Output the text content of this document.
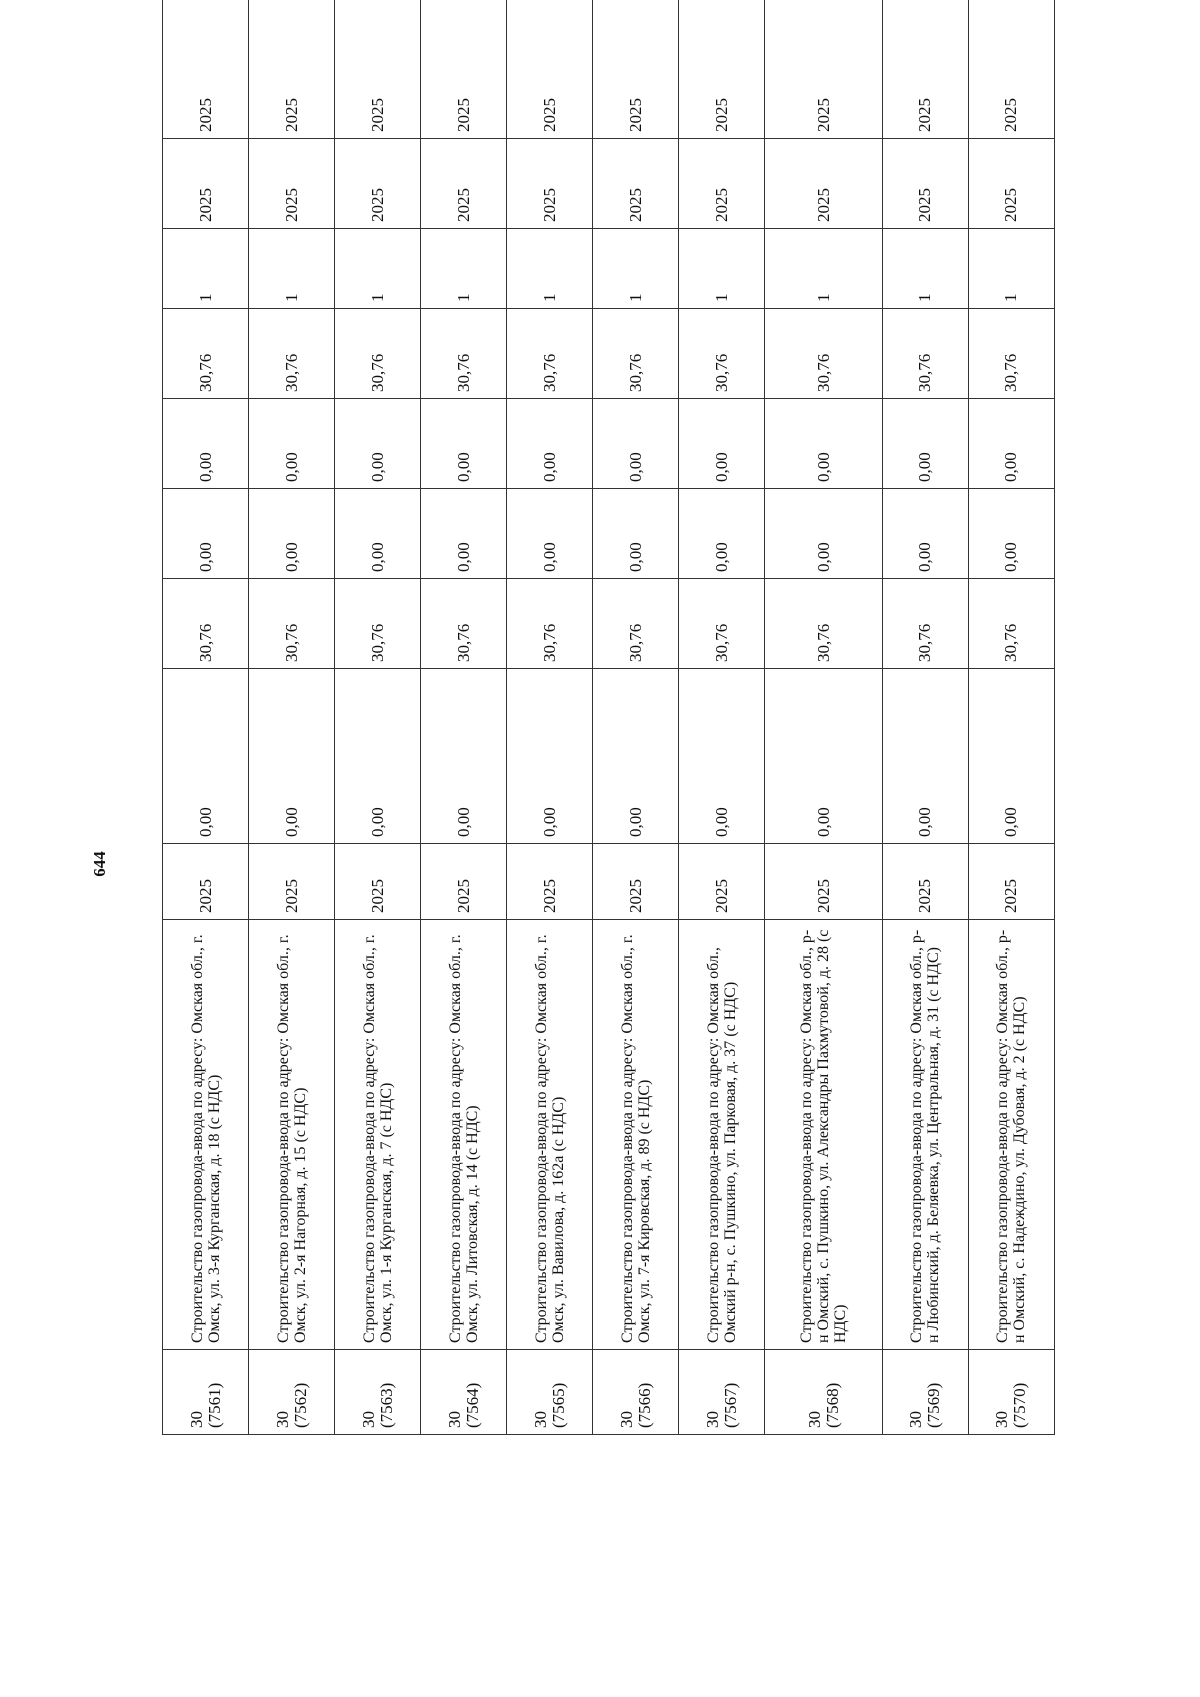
644
30 (7561)	Строительство газопровода-ввода по адресу: Омская обл., г. Омск, ул. 3-я Курганская, д. 18 (с НДС)	2025	0,00	30,76	0,00	0,00	30,76	1	2025	2025

30 (7562)	Строительство газопровода-ввода по адресу: Омская обл., г. Омск, ул. 2-я Нагорная, д. 15 (с НДС)	2025	0,00	30,76	0,00	0,00	30,76	1	2025	2025

30 (7563)	Строительство газопровода-ввода по адресу: Омская обл., г. Омск, ул. 1-я Курганская, д. 7 (с НДС)	2025	0,00	30,76	0,00	0,00	30,76	1	2025	2025

30 (7564)	Строительство газопровода-ввода по адресу: Омская обл., г. Омск, ул. Литовская, д. 14 (с НДС)	2025	0,00	30,76	0,00	0,00	30,76	1	2025	2025

30 (7565)	Строительство газопровода-ввода по адресу: Омская обл., г. Омск, ул. Вавилова, д. 162а (с НДС)	2025	0,00	30,76	0,00	0,00	30,76	1	2025	2025

30 (7566)	Строительство газопровода-ввода по адресу: Омская обл., г. Омск, ул. 7-я Кировская, д. 89 (с НДС)	2025	0,00	30,76	0,00	0,00	30,76	1	2025	2025

30 (7567)	Строительство газопровода-ввода по адресу: Омская обл., Омский р-н, с. Пушкино, ул. Парковая, д. 37 (с НДС)	2025	0,00	30,76	0,00	0,00	30,76	1	2025	2025

30 (7568)	Строительство газопровода-ввода по адресу: Омская обл., р-н Омский, с. Пушкино, ул. Александры Пахмутовой, д. 28 (с НДС)	2025	0,00	30,76	0,00	0,00	30,76	1	2025	2025

30 (7569)	Строительство газопровода-ввода по адресу: Омская обл., р-н Любинский, д. Беляевка, ул. Центральная, д. 31 (с НДС)	2025	0,00	30,76	0,00	0,00	30,76	1	2025	2025

30 (7570)	Строительство газопровода-ввода по адресу: Омская обл., р-н Омский, с. Надеждино, ул. Дубовая, д. 2 (с НДС)	2025	0,00	30,76	0,00	0,00	30,76	1	2025	2025
